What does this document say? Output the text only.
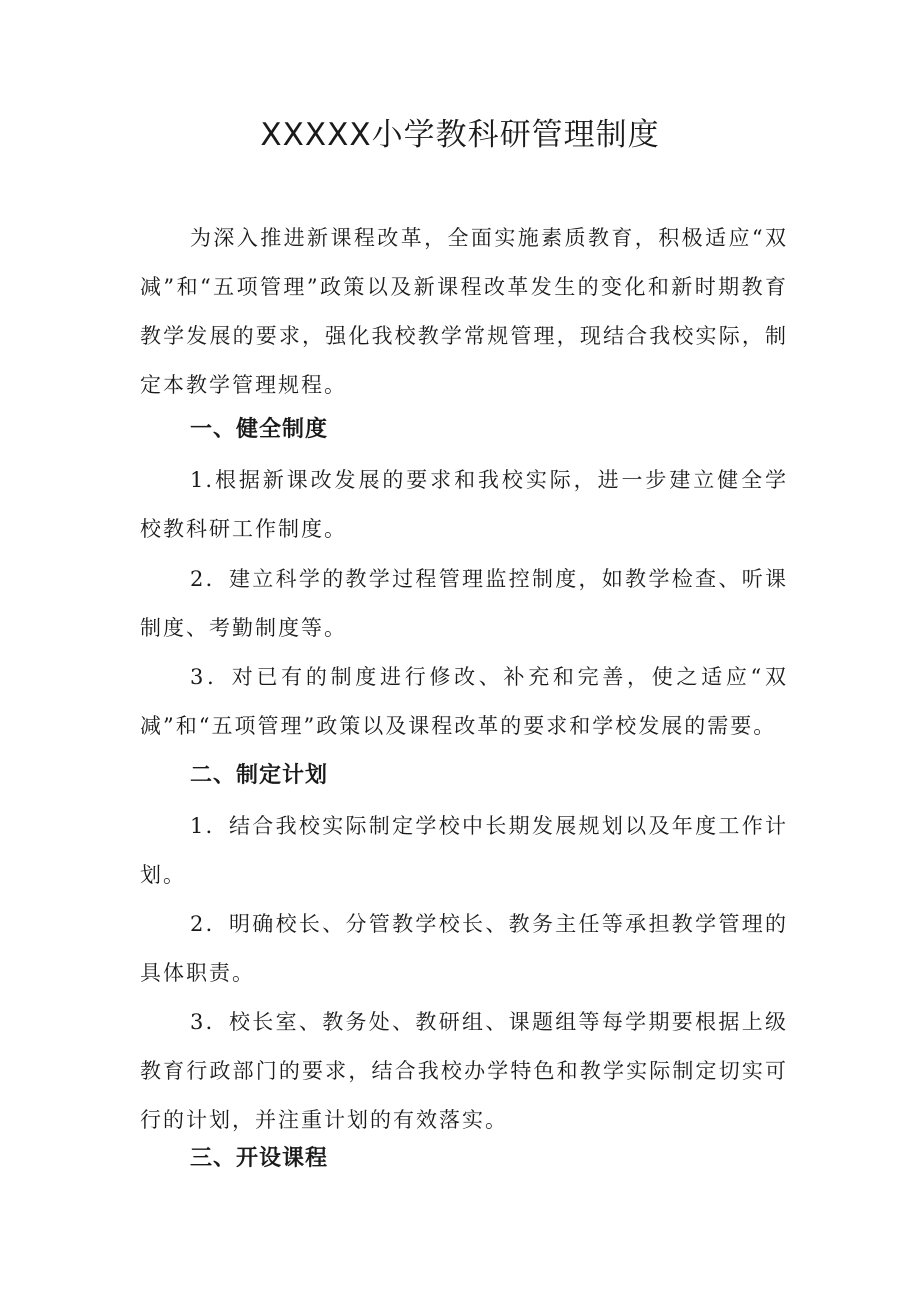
XXXXX小学教科研管理制度

为深入推进新课程改革，全面实施素质教育，积极适应“双减”和“五项管理”政策以及新课程改革发生的变化和新时期教育教学发展的要求，强化我校教学常规管理，现结合我校实际，制定本教学管理规程。

一、健全制度

1.根据新课改发展的要求和我校实际，进一步建立健全学校教科研工作制度。

2．建立科学的教学过程管理监控制度，如教学检查、听课制度、考勤制度等。

3．对已有的制度进行修改、补充和完善，使之适应“双减”和“五项管理”政策以及课程改革的要求和学校发展的需要。

二、制定计划

1．结合我校实际制定学校中长期发展规划以及年度工作计划。

2．明确校长、分管教学校长、教务主任等承担教学管理的具体职责。

3．校长室、教务处、教研组、课题组等每学期要根据上级教育行政部门的要求，结合我校办学特色和教学实际制定切实可行的计划，并注重计划的有效落实。

三、开设课程
